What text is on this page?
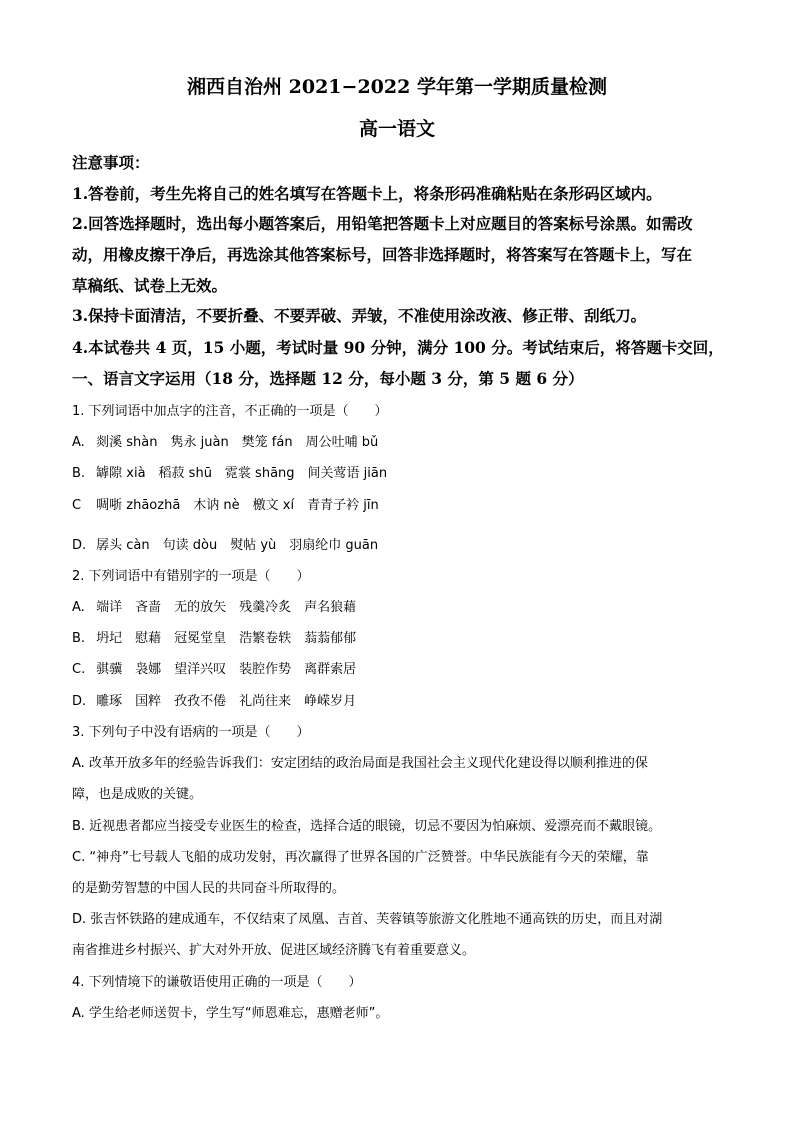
湘西自治州 2021−2022 学年第一学期质量检测
高一语文
注意事项：
1.答卷前，考生先将自己的姓名填写在答题卡上，将条形码准确粘贴在条形码区域内。
2.回答选择题时，选出每小题答案后，用铅笔把答题卡上对应题目的答案标号涂黑。如需改
动，用橡皮擦干净后，再选涂其他答案标号，回答非选择题时，将答案写在答题卡上，写在
草稿纸、试卷上无效。
3.保持卡面清洁，不要折叠、不要弄破、弄皱，不准使用涂改液、修正带、刮纸刀。
4.本试卷共 4 页，15 小题，考试时量 90 分钟，满分 100 分。考试结束后，将答题卡交回，
一、语言文字运用（18 分，选择题 12 分，每小题 3 分，第 5 题 6 分）
1. 下列词语中加点字的注音，不正确的一项是（　　）
A. 剡溪 shàn　隽永 juàn　樊笼 fán　周公吐哺 bǔ
B. 罅隙 xià　稻菽 shū　霓裳 shāng　间关莺语 jiān
C 啁哳 zhāozhā　木讷 nè　檄文 xí　青青子衿 jīn
D. 孱头 càn　句读 dòu　熨帖 yù　羽扇纶巾 guān
2. 下列词语中有错别字的一项是（　　）
A. 端详　吝啬　无的放矢　残羹冷炙　声名狼藉
B. 坍圮　慰藉　冠冕堂皇　浩繁卷轶　蓊蓊郁郁
C. 骐骥　袅娜　望洋兴叹　装腔作势　离群索居
D. 雕琢　国粹　孜孜不倦　礼尚往来　峥嵘岁月
3. 下列句子中没有语病的一项是（　　）
A. 改革开放多年的经验告诉我们：安定团结的政治局面是我国社会主义现代化建设得以顺利推进的保
障，也是成败的关键。
B. 近视患者都应当接受专业医生的检查，选择合适的眼镜，切忌不要因为怕麻烦、爱漂亮而不戴眼镜。
C. “神舟”七号载人飞船的成功发射，再次赢得了世界各国的广泛赞誉。中华民族能有今天的荣耀，靠
的是勤劳智慧的中国人民的共同奋斗所取得的。
D. 张吉怀铁路的建成通车，不仅结束了凤凰、吉首、芙蓉镇等旅游文化胜地不通高铁的历史，而且对湖
南省推进乡村振兴、扩大对外开放、促进区域经济腾飞有着重要意义。
4. 下列情境下的谦敬语使用正确的一项是（　　）
A. 学生给老师送贺卡，学生写“师恩难忘，惠赠老师”。
